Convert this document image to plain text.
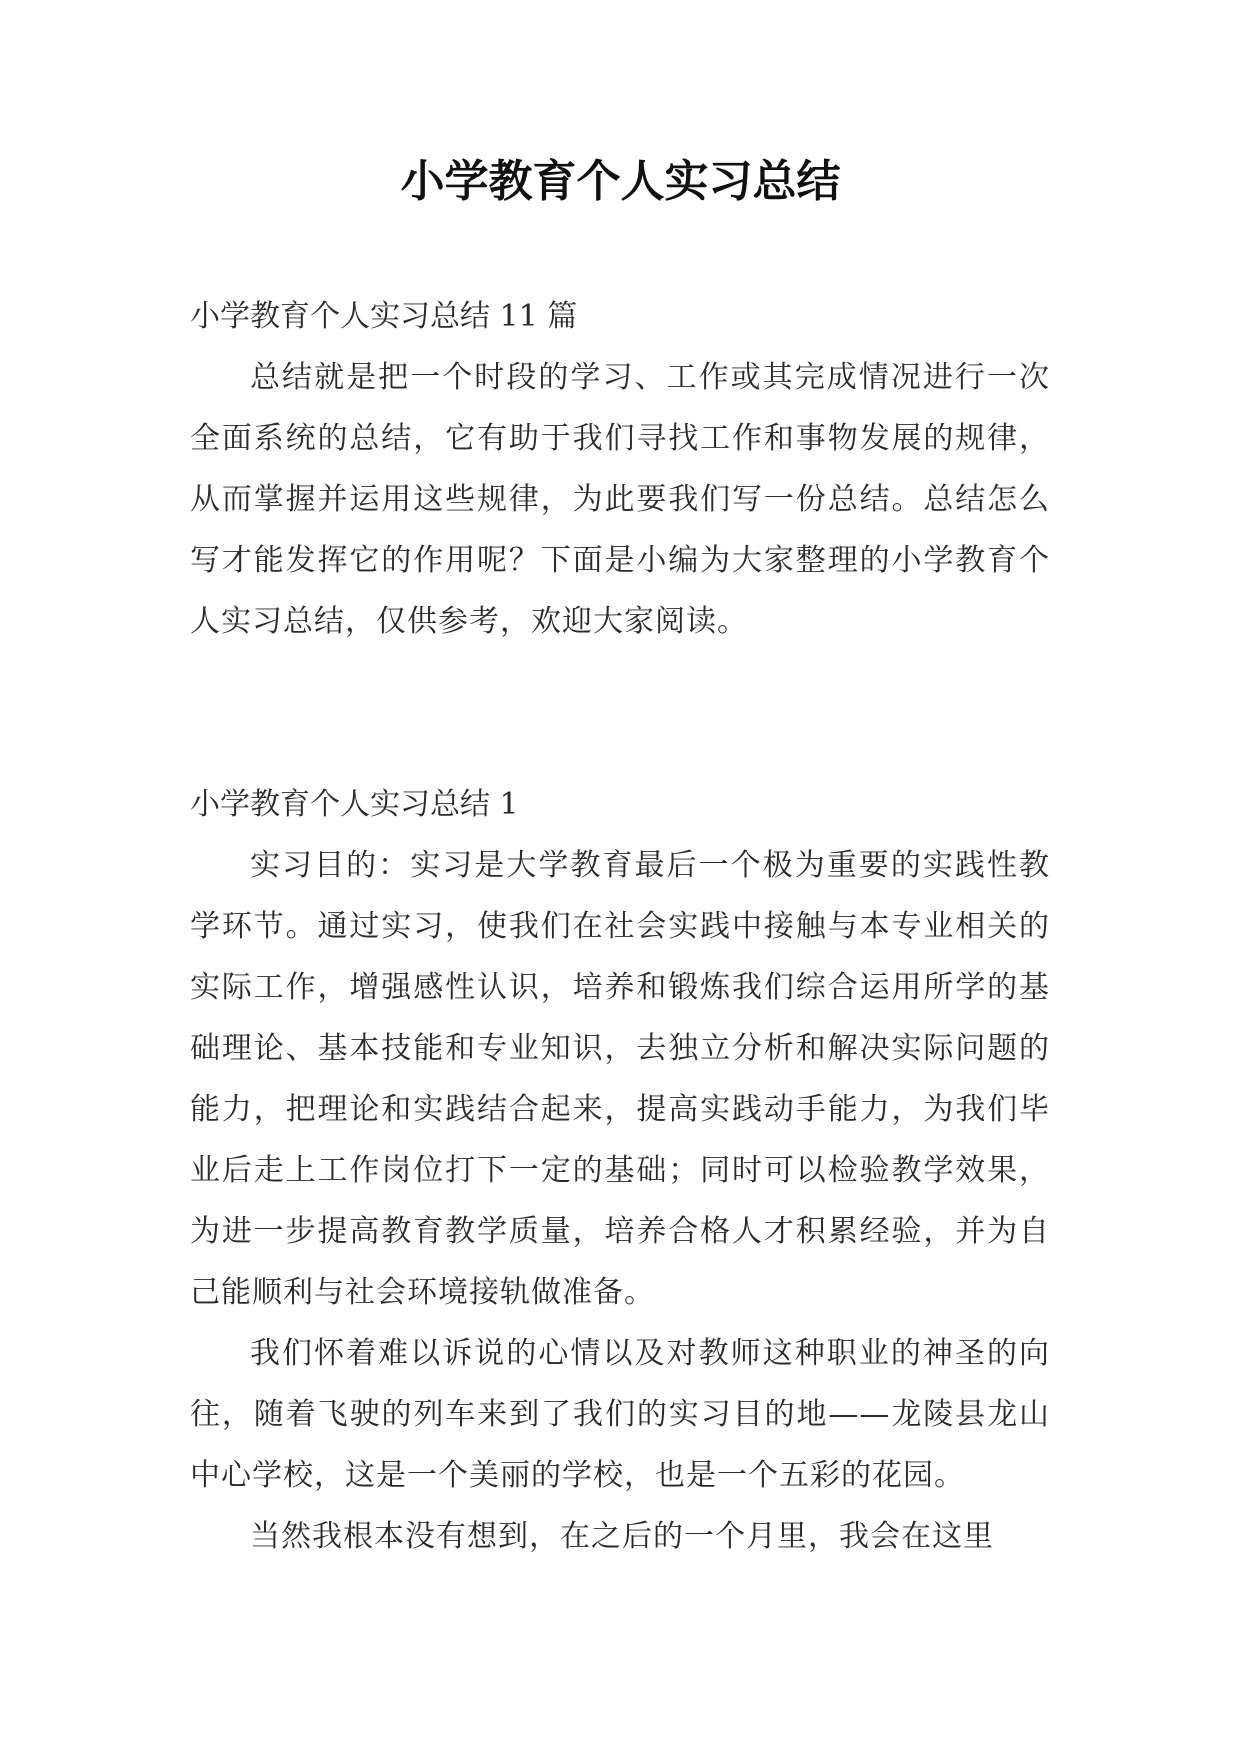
小学教育个人实习总结

小学教育个人实习总结 11 篇

总结就是把一个时段的学习、工作或其完成情况进行一次全面系统的总结，它有助于我们寻找工作和事物发展的规律，从而掌握并运用这些规律，为此要我们写一份总结。总结怎么写才能发挥它的作用呢？下面是小编为大家整理的小学教育个人实习总结，仅供参考，欢迎大家阅读。

小学教育个人实习总结 1

实习目的：实习是大学教育最后一个极为重要的实践性教学环节。通过实习，使我们在社会实践中接触与本专业相关的实际工作，增强感性认识，培养和锻炼我们综合运用所学的基础理论、基本技能和专业知识，去独立分析和解决实际问题的能力，把理论和实践结合起来，提高实践动手能力，为我们毕业后走上工作岗位打下一定的基础；同时可以检验教学效果，为进一步提高教育教学质量，培养合格人才积累经验，并为自己能顺利与社会环境接轨做准备。

我们怀着难以诉说的心情以及对教师这种职业的神圣的向往，随着飞驶的列车来到了我们的实习目的地——龙陵县龙山中心学校，这是一个美丽的学校，也是一个五彩的花园。

当然我根本没有想到，在之后的一个月里，我会在这里
